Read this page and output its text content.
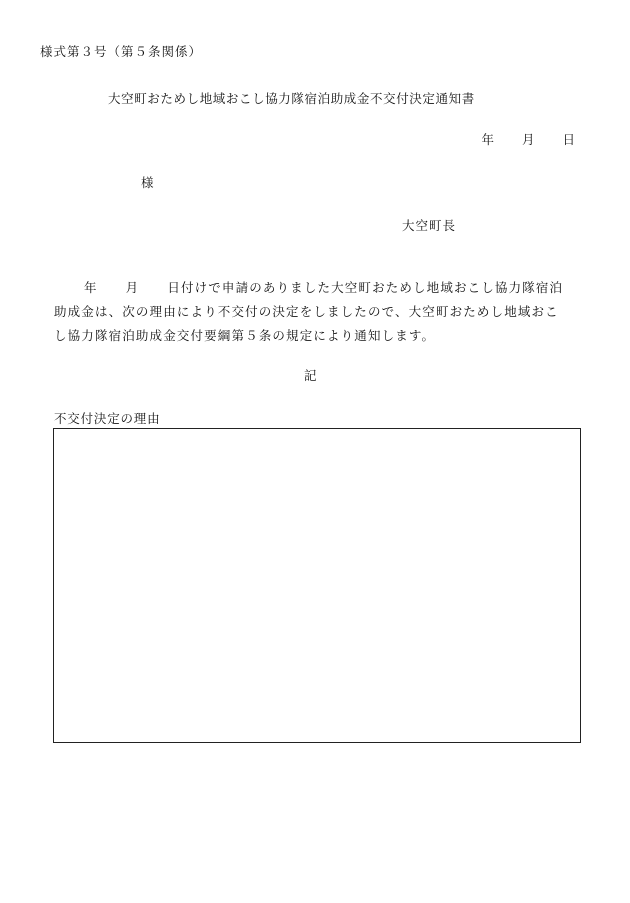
様式第３号（第５条関係）
大空町おためし地域おこし協力隊宿泊助成金不交付決定通知書
年 月 日
様
大空町長
年 月 日付けで申請のありました大空町おためし地域おこし協力隊宿泊
助成金は、次の理由により不交付の決定をしましたので、大空町おためし地域おこ
し協力隊宿泊助成金交付要綱第５条の規定により通知します。
記
不交付決定の理由
